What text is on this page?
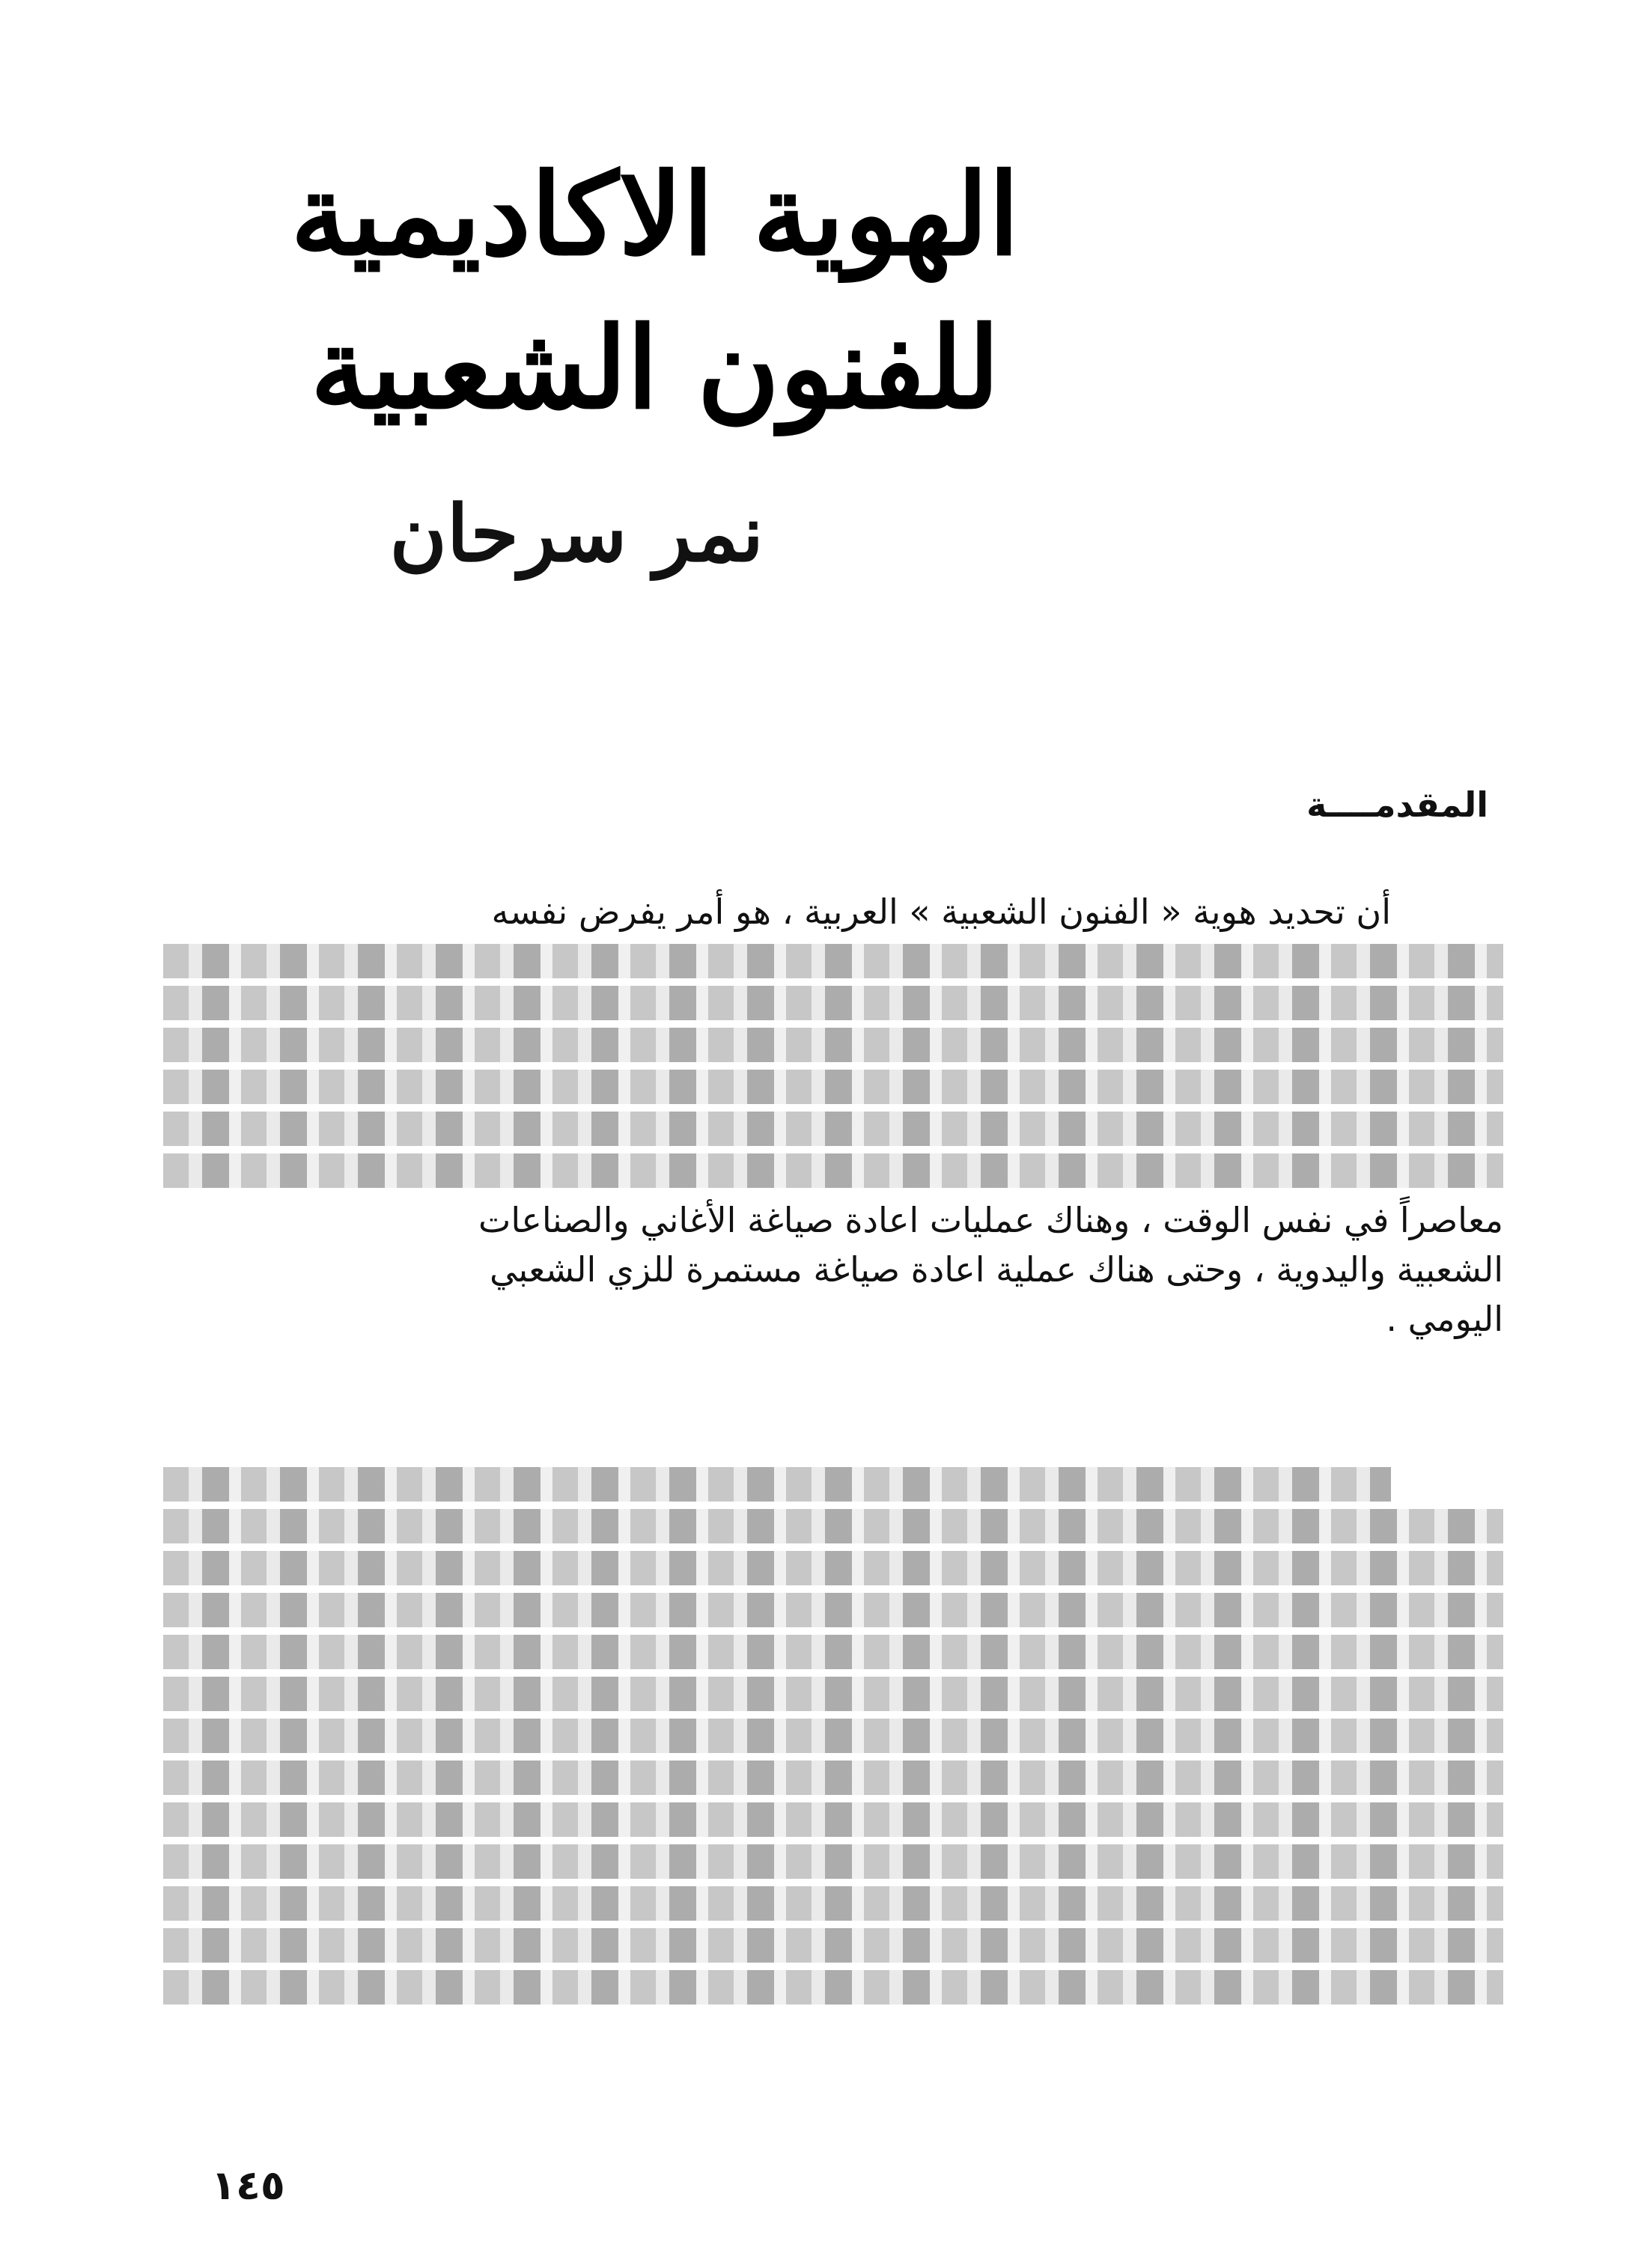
الهوية الاكاديمية
للفنون الشعبية
نمر سرحان
المقدمــــة
أن تحديد هوية « الفنون الشعبية » العربية ، هو أمر يفرض نفسه
معاصراً في نفس الوقت ، وهناك عمليات اعادة صياغة الأغاني والصناعات
الشعبية واليدوية ، وحتى هناك عملية اعادة صياغة مستمرة للزي الشعبي
اليومي .
١٤٥
